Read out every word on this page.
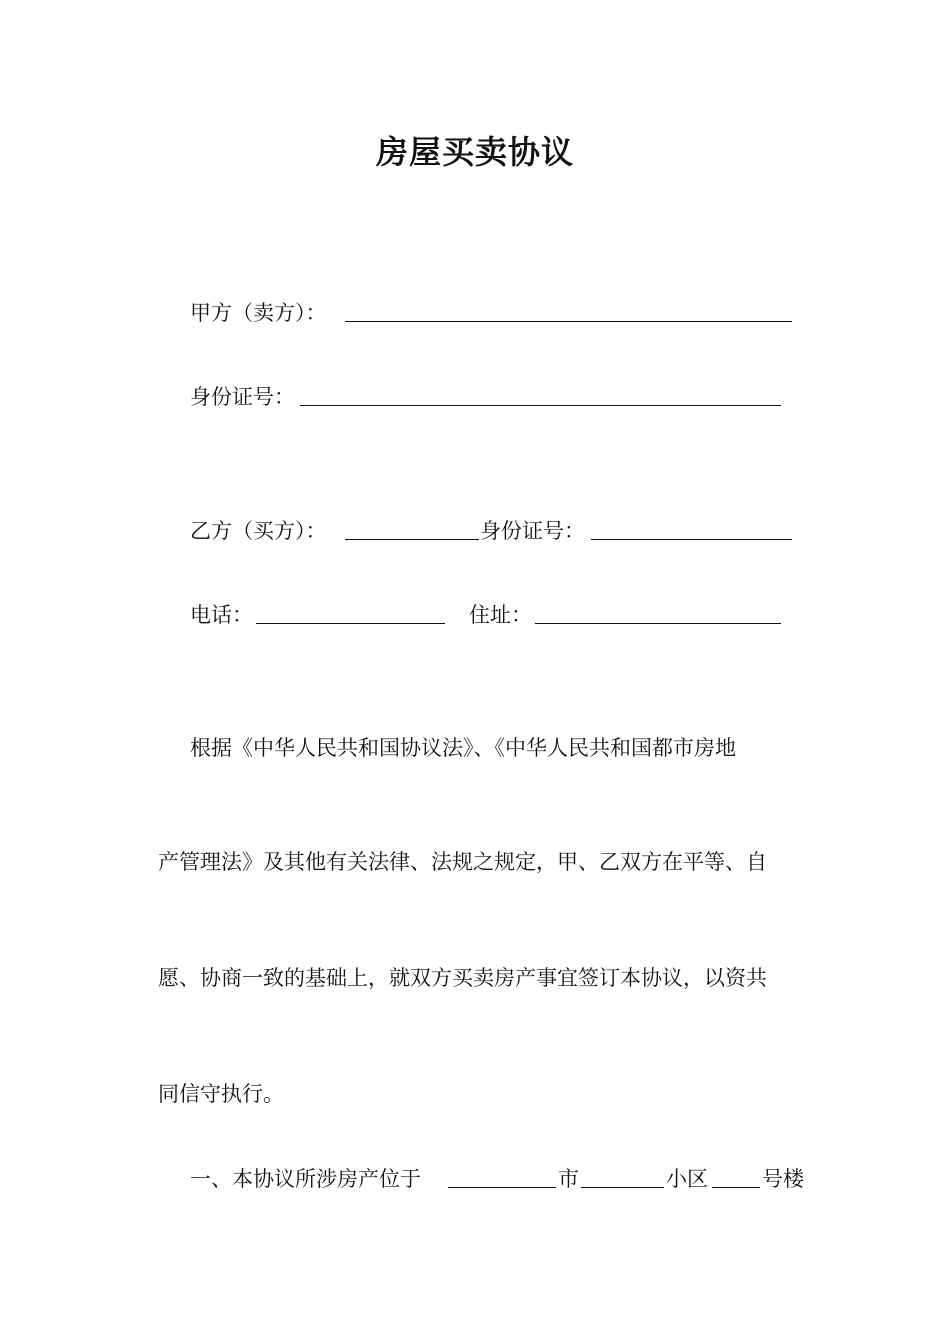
房屋买卖协议
甲方（卖方）：
身份证号：
乙方（买方）：	身份证号：
电话：	住址：
根据《中华人民共和国协议法》、《中华人民共和国都市房地
产管理法》及其他有关法律、法规之规定，甲、乙双方在平等、自
愿、协商一致的基础上，就双方买卖房产事宜签订本协议，以资共
同信守执行。
一、本协议所涉房产位于	市	小区	号楼
